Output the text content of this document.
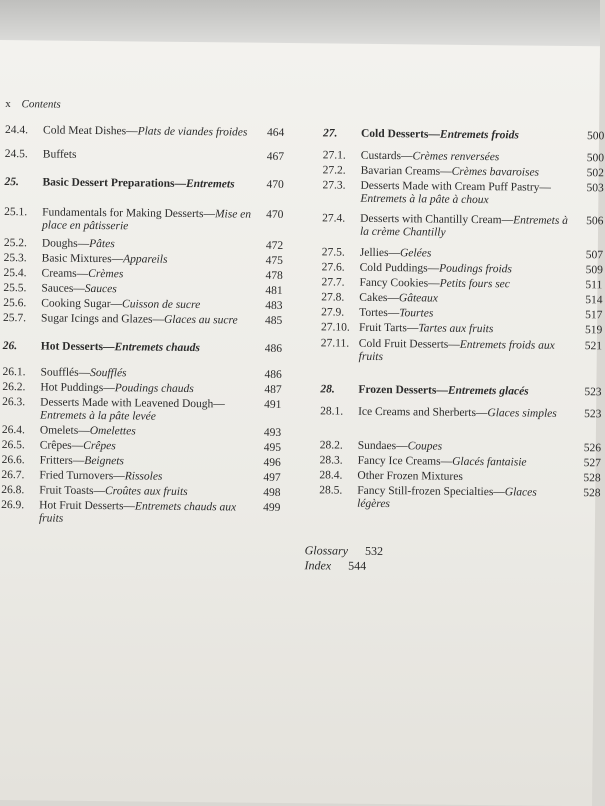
x Contents
24.4. Cold Meat Dishes—Plats de viandes froides	464
24.5. Buffets	467
25. Basic Dessert Preparations—Entremets	470
25.1. Fundamentals for Making Desserts—Mise en place en pâtisserie
470
25.2. Doughs—Pâtes	472
25.3. Basic Mixtures—Appareils	475
25.4. Creams—Crèmes	478
25.5. Sauces—Sauces	481
25.6. Cooking Sugar—Cuisson de sucre	483
25.7. Sugar Icings and Glazes—Glaces au sucre	485
26. Hot Desserts—Entremets chauds	486
26.1. Soufflés—Soufflés	486
26.2. Hot Puddings—Poudings chauds	487
26.3. Desserts Made with Leavened Dough—Entremets à la pâte levée
491
26.4. Omelets—Omelettes	493
26.5. Crêpes—Crêpes	495
26.6. Fritters—Beignets	496
26.7. Fried Turnovers—Rissoles	497
26.8. Fruit Toasts—Croûtes aux fruits	498
26.9. Hot Fruit Desserts—Entremets chauds aux fruits
499
27. Cold Desserts—Entremets froids	500
27.1. Custards—Crèmes renversées	500
27.2. Bavarian Creams—Crèmes bavaroises	502
27.3. Desserts Made with Cream Puff Pastry—Entremets à la pâte à choux
503
27.4. Desserts with Chantilly Cream—Entremets à la crème Chantilly
506
27.5. Jellies—Gelées	507
27.6. Cold Puddings—Poudings froids	509
27.7. Fancy Cookies—Petits fours sec	511
27.8. Cakes—Gâteaux	514
27.9. Tortes—Tourtes	517
27.10. Fruit Tarts—Tartes aux fruits	519
27.11. Cold Fruit Desserts—Entremets froids aux fruits
521
28. Frozen Desserts—Entremets glacés	523
28.1. Ice Creams and Sherberts—Glaces simples	523
28.2. Sundaes—Coupes	526
28.3. Fancy Ice Creams—Glacés fantaisie	527
28.4. Other Frozen Mixtures	528
28.5. Fancy Still-frozen Specialties—Glaces légères
528
Glossary 532
Index 544
